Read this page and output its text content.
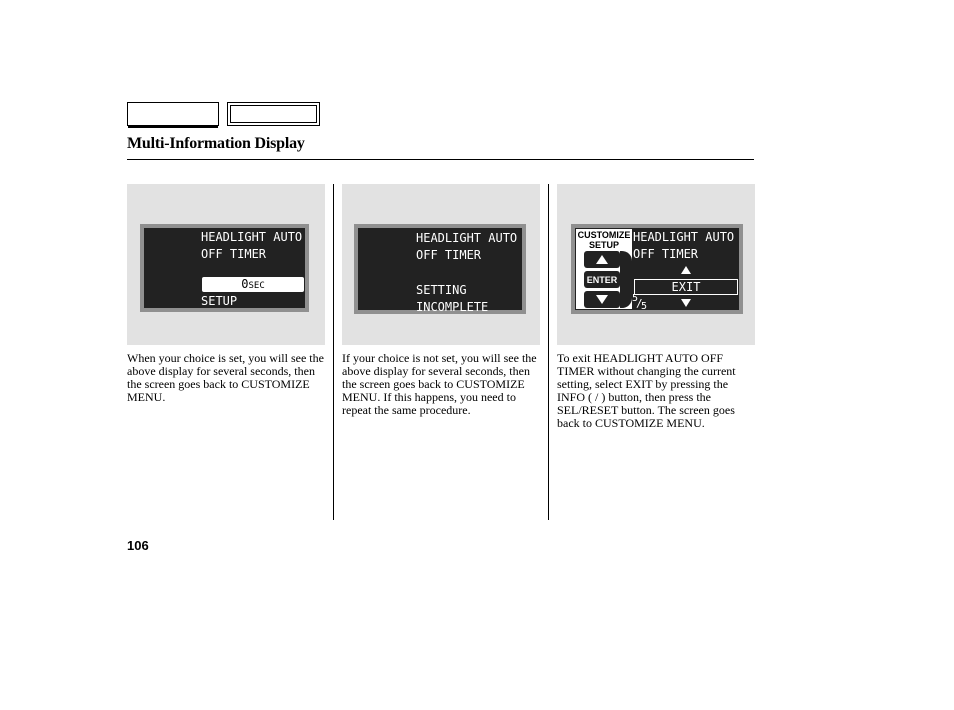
Multi-Information Display
HEADLIGHT AUTO
OFF TIMER
0SEC
SETUP
When your choice is set, you will see the above display for several seconds, then the screen goes back to CUSTOMIZE MENU.
HEADLIGHT AUTO
OFF TIMER
SETTING
INCOMPLETE
If your choice is not set, you will see the above display for several seconds, then the screen goes back to CUSTOMIZE MENU. If this happens, you need to repeat the same procedure.
CUSTOMIZE
SETUP
ENTER
HEADLIGHT AUTO
OFF TIMER
EXIT
5
/
5
To exit HEADLIGHT AUTO OFF TIMER without changing the current setting, select EXIT by pressing the INFO ( / ) button, then press the SEL/RESET button. The screen goes back to CUSTOMIZE MENU.
106
